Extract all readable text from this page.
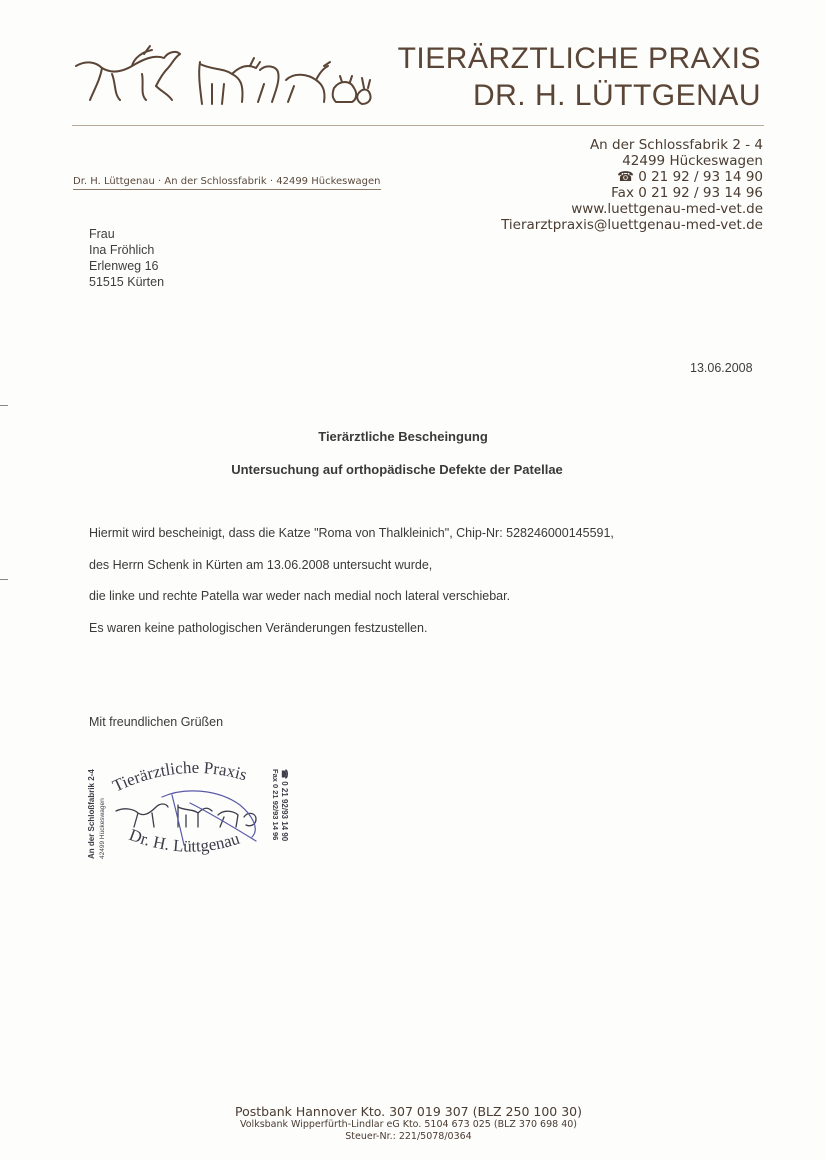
TIERÄRZTLICHE PRAXIS
DR. H. LÜTTGENAU
An der Schlossfabrik 2 - 4
42499 Hückeswagen
☎ 0 21 92 / 93 14 90
Fax 0 21 92 / 93 14 96
www.luettgenau-med-vet.de
Tierarztpraxis@luettgenau-med-vet.de
Dr. H. Lüttgenau · An der Schlossfabrik · 42499 Hückeswagen
Frau
Ina Fröhlich
Erlenweg 16
51515 Kürten
13.06.2008
Tierärztliche Bescheingung
Untersuchung auf orthopädische Defekte der Patellae
Hiermit wird bescheinigt, dass die Katze "Roma von Thalkleinich", Chip-Nr: 528246000145591,
des Herrn Schenk in Kürten am 13.06.2008 untersucht wurde,
die linke und rechte Patella war weder nach medial noch lateral verschiebar.
Es waren keine pathologischen Veränderungen festzustellen.
Mit freundlichen Grüßen
Tierärztliche Praxis
Dr. H. Lüttgenau
An der Schloßfabrik 2-4 42499 Hückeswagen	☎ 0 21 92/93 14 90
Fax 0 21 92/93 14 96
Postbank Hannover Kto. 307 019 307 (BLZ 250 100 30)
Volksbank Wipperfürth-Lindlar eG Kto. 5104 673 025 (BLZ 370 698 40)
Steuer-Nr.: 221/5078/0364
